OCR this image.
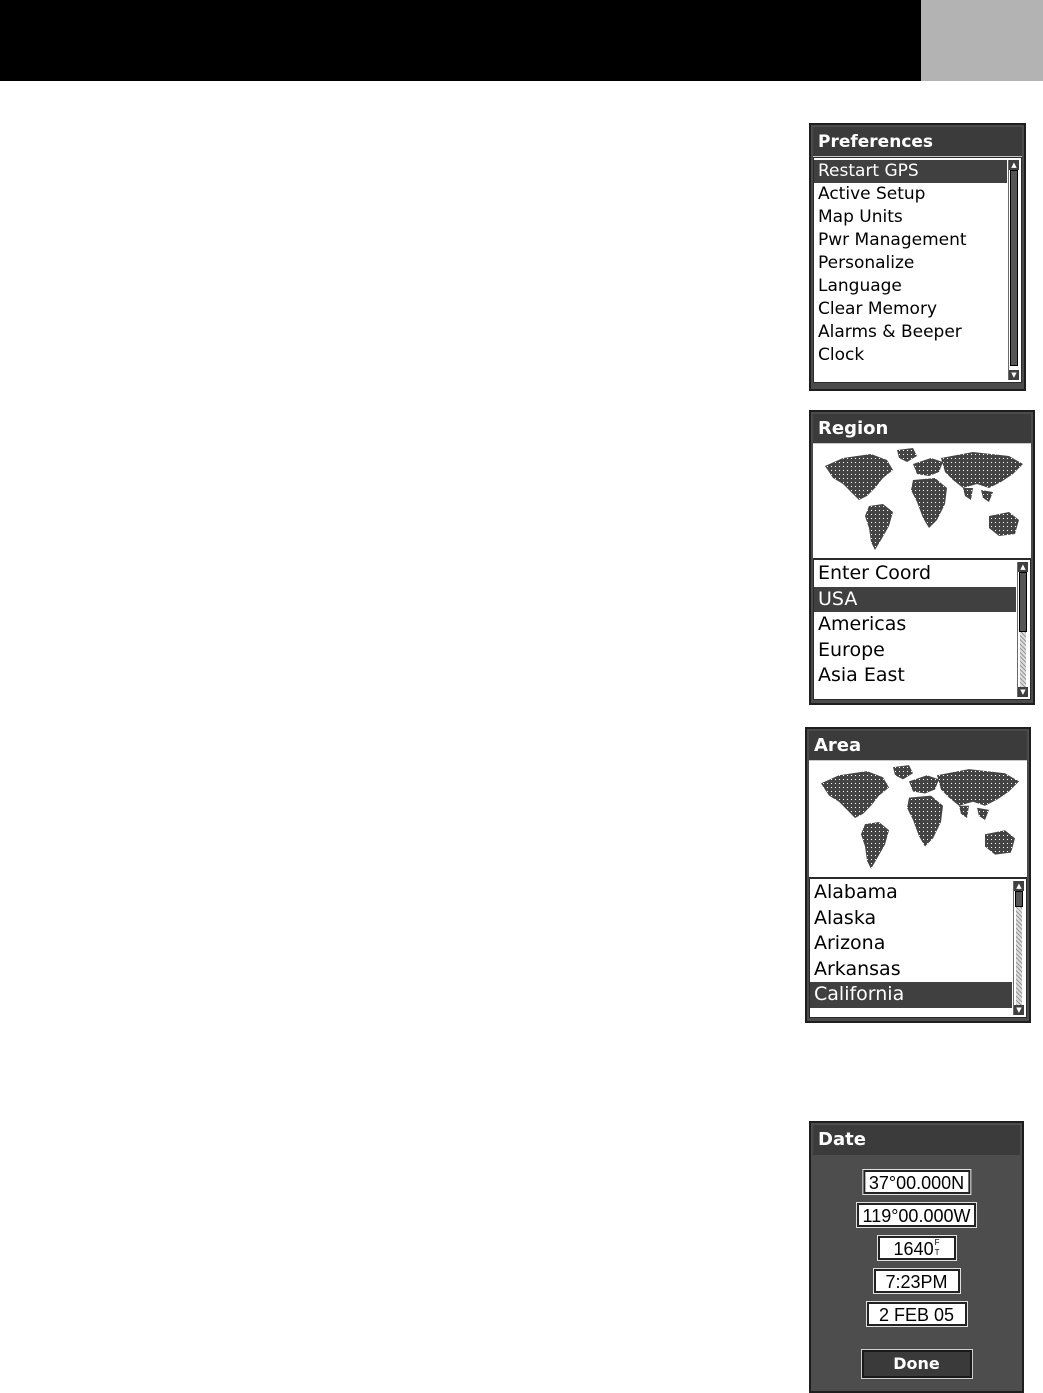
Preferences
Restart GPS
Active Setup
Map Units
Pwr Management
Personalize
Language
Clear Memory
Alarms & Beeper
Clock
▲
▼
Region
Enter Coord
USA
Americas
Europe
Asia East
▲
▼
Area
Alabama
Alaska
Arizona
Arkansas
California
▲
▼
Date
37°00.000N
119°00.000W
1640 F
T
7:23PM
2 FEB 05
Done
